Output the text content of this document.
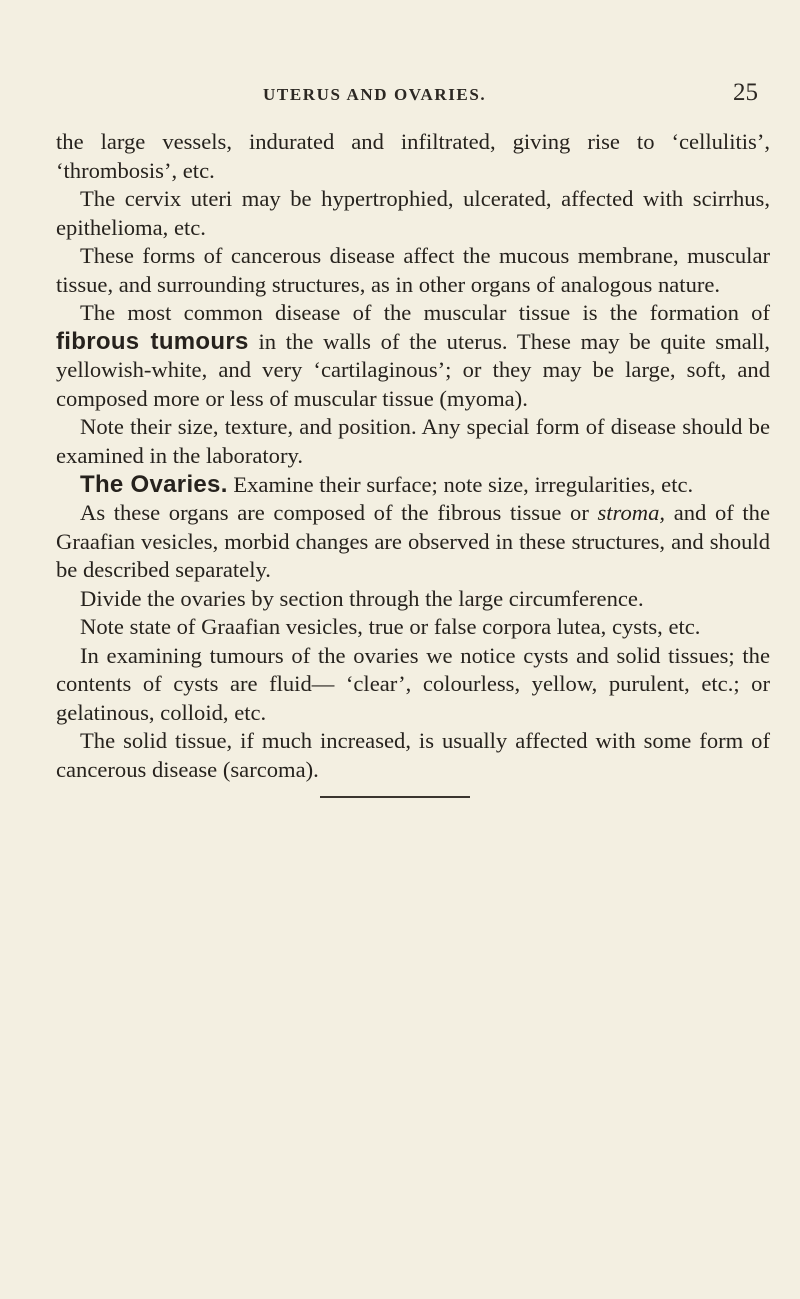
UTERUS AND OVARIES.	25

the large vessels, indurated and infiltrated, giving rise to ‘cellulitis’, ‘thrombosis’, etc.

The cervix uteri may be hypertrophied, ulcerated, affected with scirrhus, epithelioma, etc.

These forms of cancerous disease affect the mucous membrane, muscular tissue, and surrounding structures, as in other organs of analogous nature.

The most common disease of the muscular tissue is the formation of fibrous tumours in the walls of the uterus. These may be quite small, yellowish-white, and very ‘cartilaginous’; or they may be large, soft, and composed more or less of muscular tissue (myoma).

Note their size, texture, and position. Any special form of disease should be examined in the laboratory.

The Ovaries. Examine their surface; note size, irregularities, etc.

As these organs are composed of the fibrous tissue or stroma, and of the Graafian vesicles, morbid changes are observed in these structures, and should be described separately.

Divide the ovaries by section through the large circumference.

Note state of Graafian vesicles, true or false corpora lutea, cysts, etc.

In examining tumours of the ovaries we notice cysts and solid tissues; the contents of cysts are fluid— ‘clear’, colourless, yellow, purulent, etc.; or gelatinous, colloid, etc.

The solid tissue, if much increased, is usually affected with some form of cancerous disease (sarcoma).
